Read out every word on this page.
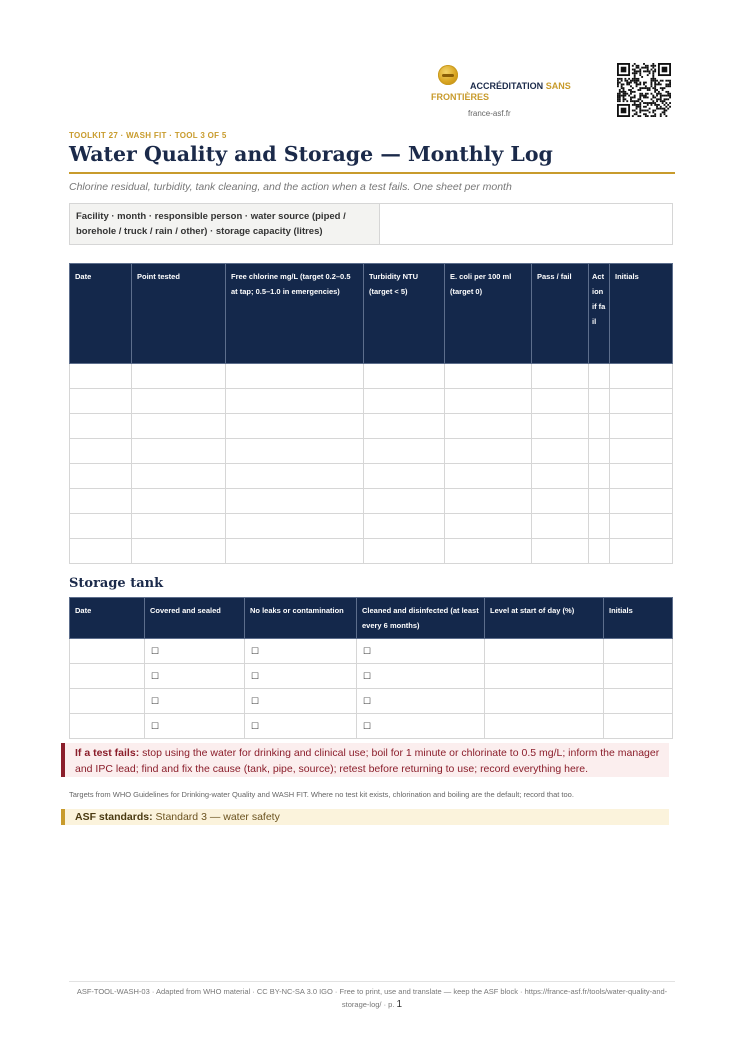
ACCRÉDITATION SANS
FRONTIÈRES
france-asf.fr
TOOLKIT 27 · WASH FIT · TOOL 3 OF 5
Water Quality and Storage — Monthly Log
Chlorine residual, turbidity, tank cleaning, and the action when a test fails. One sheet per month
Facility · month · responsible person · water source (piped / borehole / truck / rain / other) · storage capacity (litres)
Date	Point tested	Free chlorine mg/L (target 0.2–0.5 at tap; 0.5–1.0 in emergencies)	Turbidity NTU (target < 5)	E. coli per 100 ml (target 0)	Pass / fail	Action if fail	Initials

Storage tank
Date	Covered and sealed	No leaks or contamination	Cleaned and disinfected (at least every 6 months)	Level at start of day (%)	Initials
	☐	☐	☐		
	☐	☐	☐		
	☐	☐	☐		
	☐	☐	☐		
If a test fails: stop using the water for drinking and clinical use; boil for 1 minute or chlorinate to 0.5 mg/L; inform the manager and IPC lead; find and fix the cause (tank, pipe, source); retest before returning to use; record everything here.
Targets from WHO Guidelines for Drinking-water Quality and WASH FIT. Where no test kit exists, chlorination and boiling are the default; record that too.
ASF standards: Standard 3 — water safety
ASF-TOOL-WASH-03 · Adapted from WHO material · CC BY-NC-SA 3.0 IGO · Free to print, use and translate — keep the ASF block · https://france-asf.fr/tools/water-quality-and-storage-log/ · p. 1
